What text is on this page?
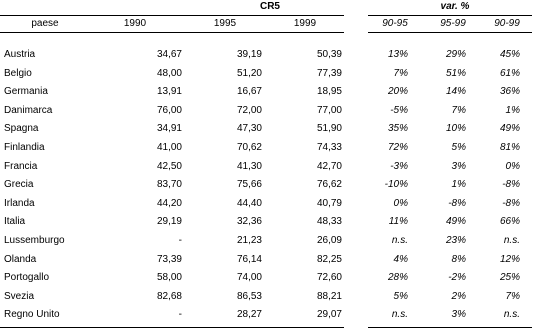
CR5	var. %
paese	1990	1995	1999	90-95	95-99	90-99
Austria	34,67	39,19	50,39	13%	29%	45%
Belgio	48,00	51,20	77,39	7%	51%	61%
Germania	13,91	16,67	18,95	20%	14%	36%
Danimarca	76,00	72,00	77,00	-5%	7%	1%
Spagna	34,91	47,30	51,90	35%	10%	49%
Finlandia	41,00	70,62	74,33	72%	5%	81%
Francia	42,50	41,30	42,70	-3%	3%	0%
Grecia	83,70	75,66	76,62	-10%	1%	-8%
Irlanda	44,20	44,40	40,79	0%	-8%	-8%
Italia	29,19	32,36	48,33	11%	49%	66%
Lussemburgo	-	21,23	26,09	n.s.	23%	n.s.
Olanda	73,39	76,14	82,25	4%	8%	12%
Portogallo	58,00	74,00	72,60	28%	-2%	25%
Svezia	82,68	86,53	88,21	5%	2%	7%
Regno Unito	-	28,27	29,07	n.s.	3%	n.s.
